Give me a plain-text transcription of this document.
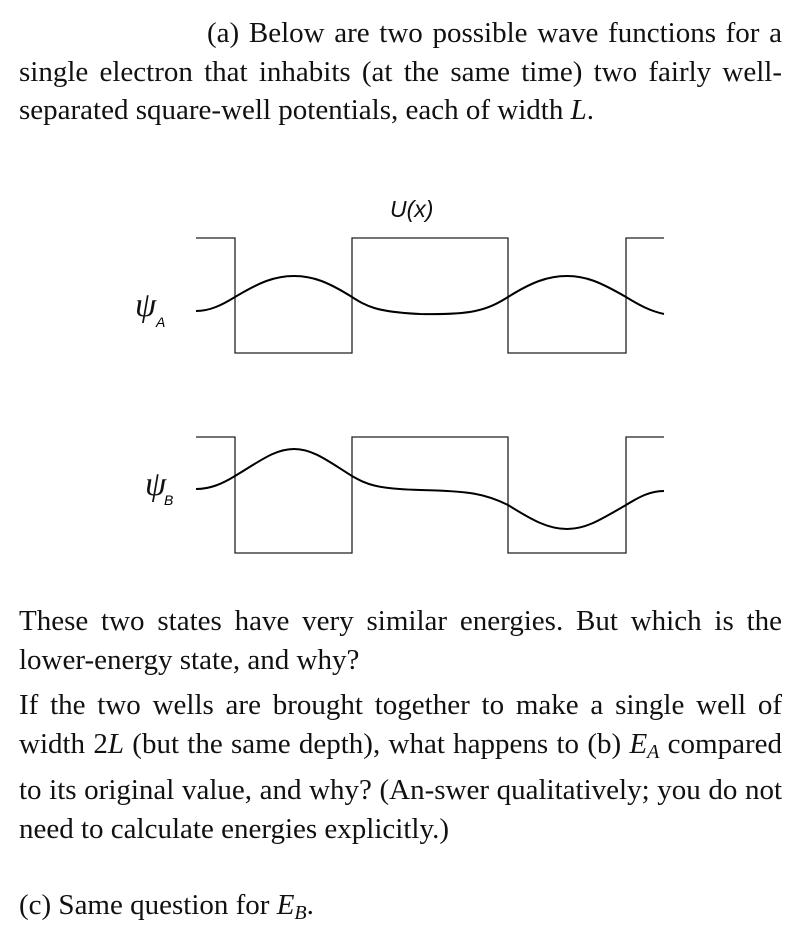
(a) Below are two possible wave functions for a single electron that inhabits (at the same time) two fairly well-separated square-well potentials, each of width L.
U(x)
ψ A
ψ
B
These two states have very similar energies. But which is the lower-energy state, and why?
If the two wells are brought together to make a single well of width 2L (but the same depth), what happens to (b) $E_A$ compared to its original value, and why? (An-swer qualitatively; you do not need to calculate energies explicitly.)
(c) Same question for $E_B$.
